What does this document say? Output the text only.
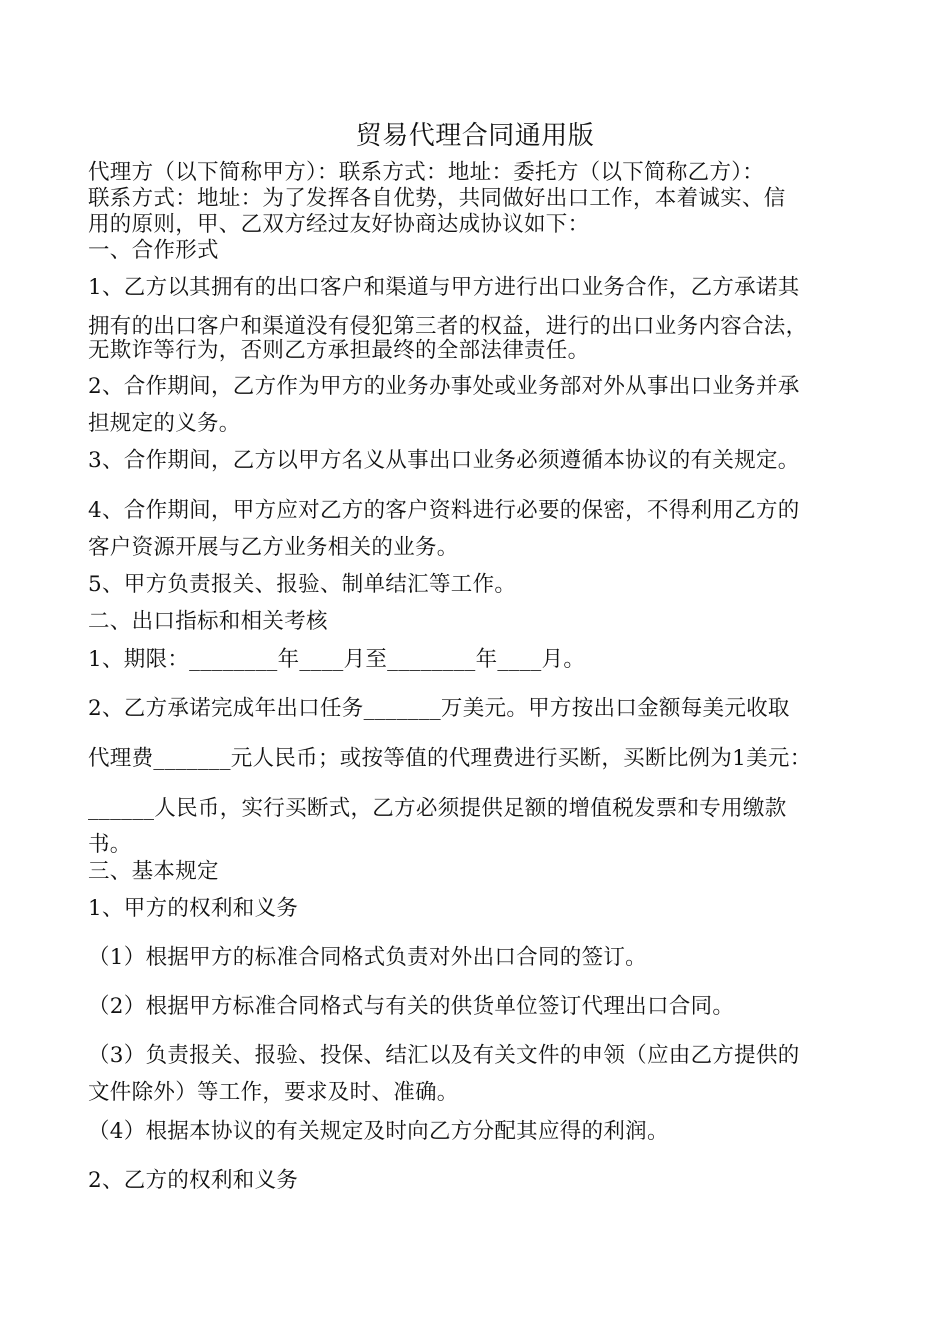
贸易代理合同通用版
代理方（以下简称甲方）：联系方式：地址：委托方（以下简称乙方）：
联系方式：地址：为了发挥各自优势，共同做好出口工作，本着诚实、信
用的原则，甲、乙双方经过友好协商达成协议如下：
一、合作形式
1、乙方以其拥有的出口客户和渠道与甲方进行出口业务合作，乙方承诺其
拥有的出口客户和渠道没有侵犯第三者的权益，进行的出口业务内容合法，
无欺诈等行为，否则乙方承担最终的全部法律责任。
2、合作期间，乙方作为甲方的业务办事处或业务部对外从事出口业务并承
担规定的义务。
3、合作期间，乙方以甲方名义从事出口业务必须遵循本协议的有关规定。
4、合作期间，甲方应对乙方的客户资料进行必要的保密，不得利用乙方的
客户资源开展与乙方业务相关的业务。
5、甲方负责报关、报验、制单结汇等工作。
二、出口指标和相关考核
1、期限：________年____月至________年____月。
2、乙方承诺完成年出口任务_______万美元。甲方按出口金额每美元收取
代理费_______元人民币；或按等值的代理费进行买断，买断比例为1美元：
______人民币，实行买断式，乙方必须提供足额的增值税发票和专用缴款
书。
三、基本规定
1、甲方的权利和义务
（1）根据甲方的标准合同格式负责对外出口合同的签订。
（2）根据甲方标准合同格式与有关的供货单位签订代理出口合同。
（3）负责报关、报验、投保、结汇以及有关文件的申领（应由乙方提供的
文件除外）等工作，要求及时、准确。
（4）根据本协议的有关规定及时向乙方分配其应得的利润。
2、乙方的权利和义务
